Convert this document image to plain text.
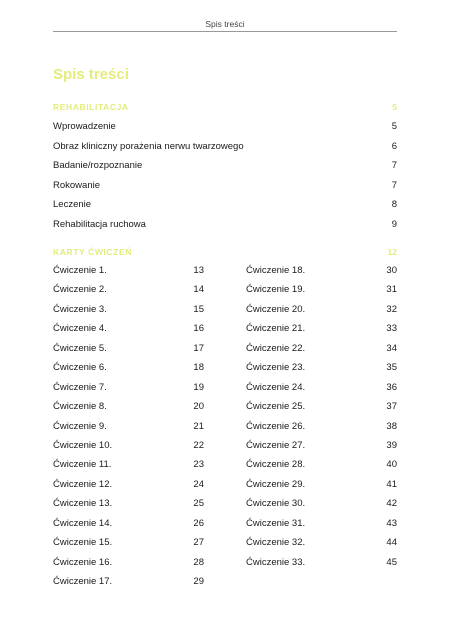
Spis treści
Spis treści
REHABILITACJA	5
Wprowadzenie	5
Obraz kliniczny porażenia nerwu twarzowego	6
Badanie/rozpoznanie	7
Rokowanie	7
Leczenie	8
Rehabilitacja ruchowa	9
KARTY ĆWICZEŃ	12
Ćwiczenie 1.	13
Ćwiczenie 2.	14
Ćwiczenie 3.	15
Ćwiczenie 4.	16
Ćwiczenie 5.	17
Ćwiczenie 6.	18
Ćwiczenie 7.	19
Ćwiczenie 8.	20
Ćwiczenie 9.	21
Ćwiczenie 10.	22
Ćwiczenie 11.	23
Ćwiczenie 12.	24
Ćwiczenie 13.	25
Ćwiczenie 14.	26
Ćwiczenie 15.	27
Ćwiczenie 16.	28
Ćwiczenie 17.	29
Ćwiczenie 18.	30
Ćwiczenie 19.	31
Ćwiczenie 20.	32
Ćwiczenie 21.	33
Ćwiczenie 22.	34
Ćwiczenie 23.	35
Ćwiczenie 24.	36
Ćwiczenie 25.	37
Ćwiczenie 26.	38
Ćwiczenie 27.	39
Ćwiczenie 28.	40
Ćwiczenie 29.	41
Ćwiczenie 30.	42
Ćwiczenie 31.	43
Ćwiczenie 32.	44
Ćwiczenie 33.	45
